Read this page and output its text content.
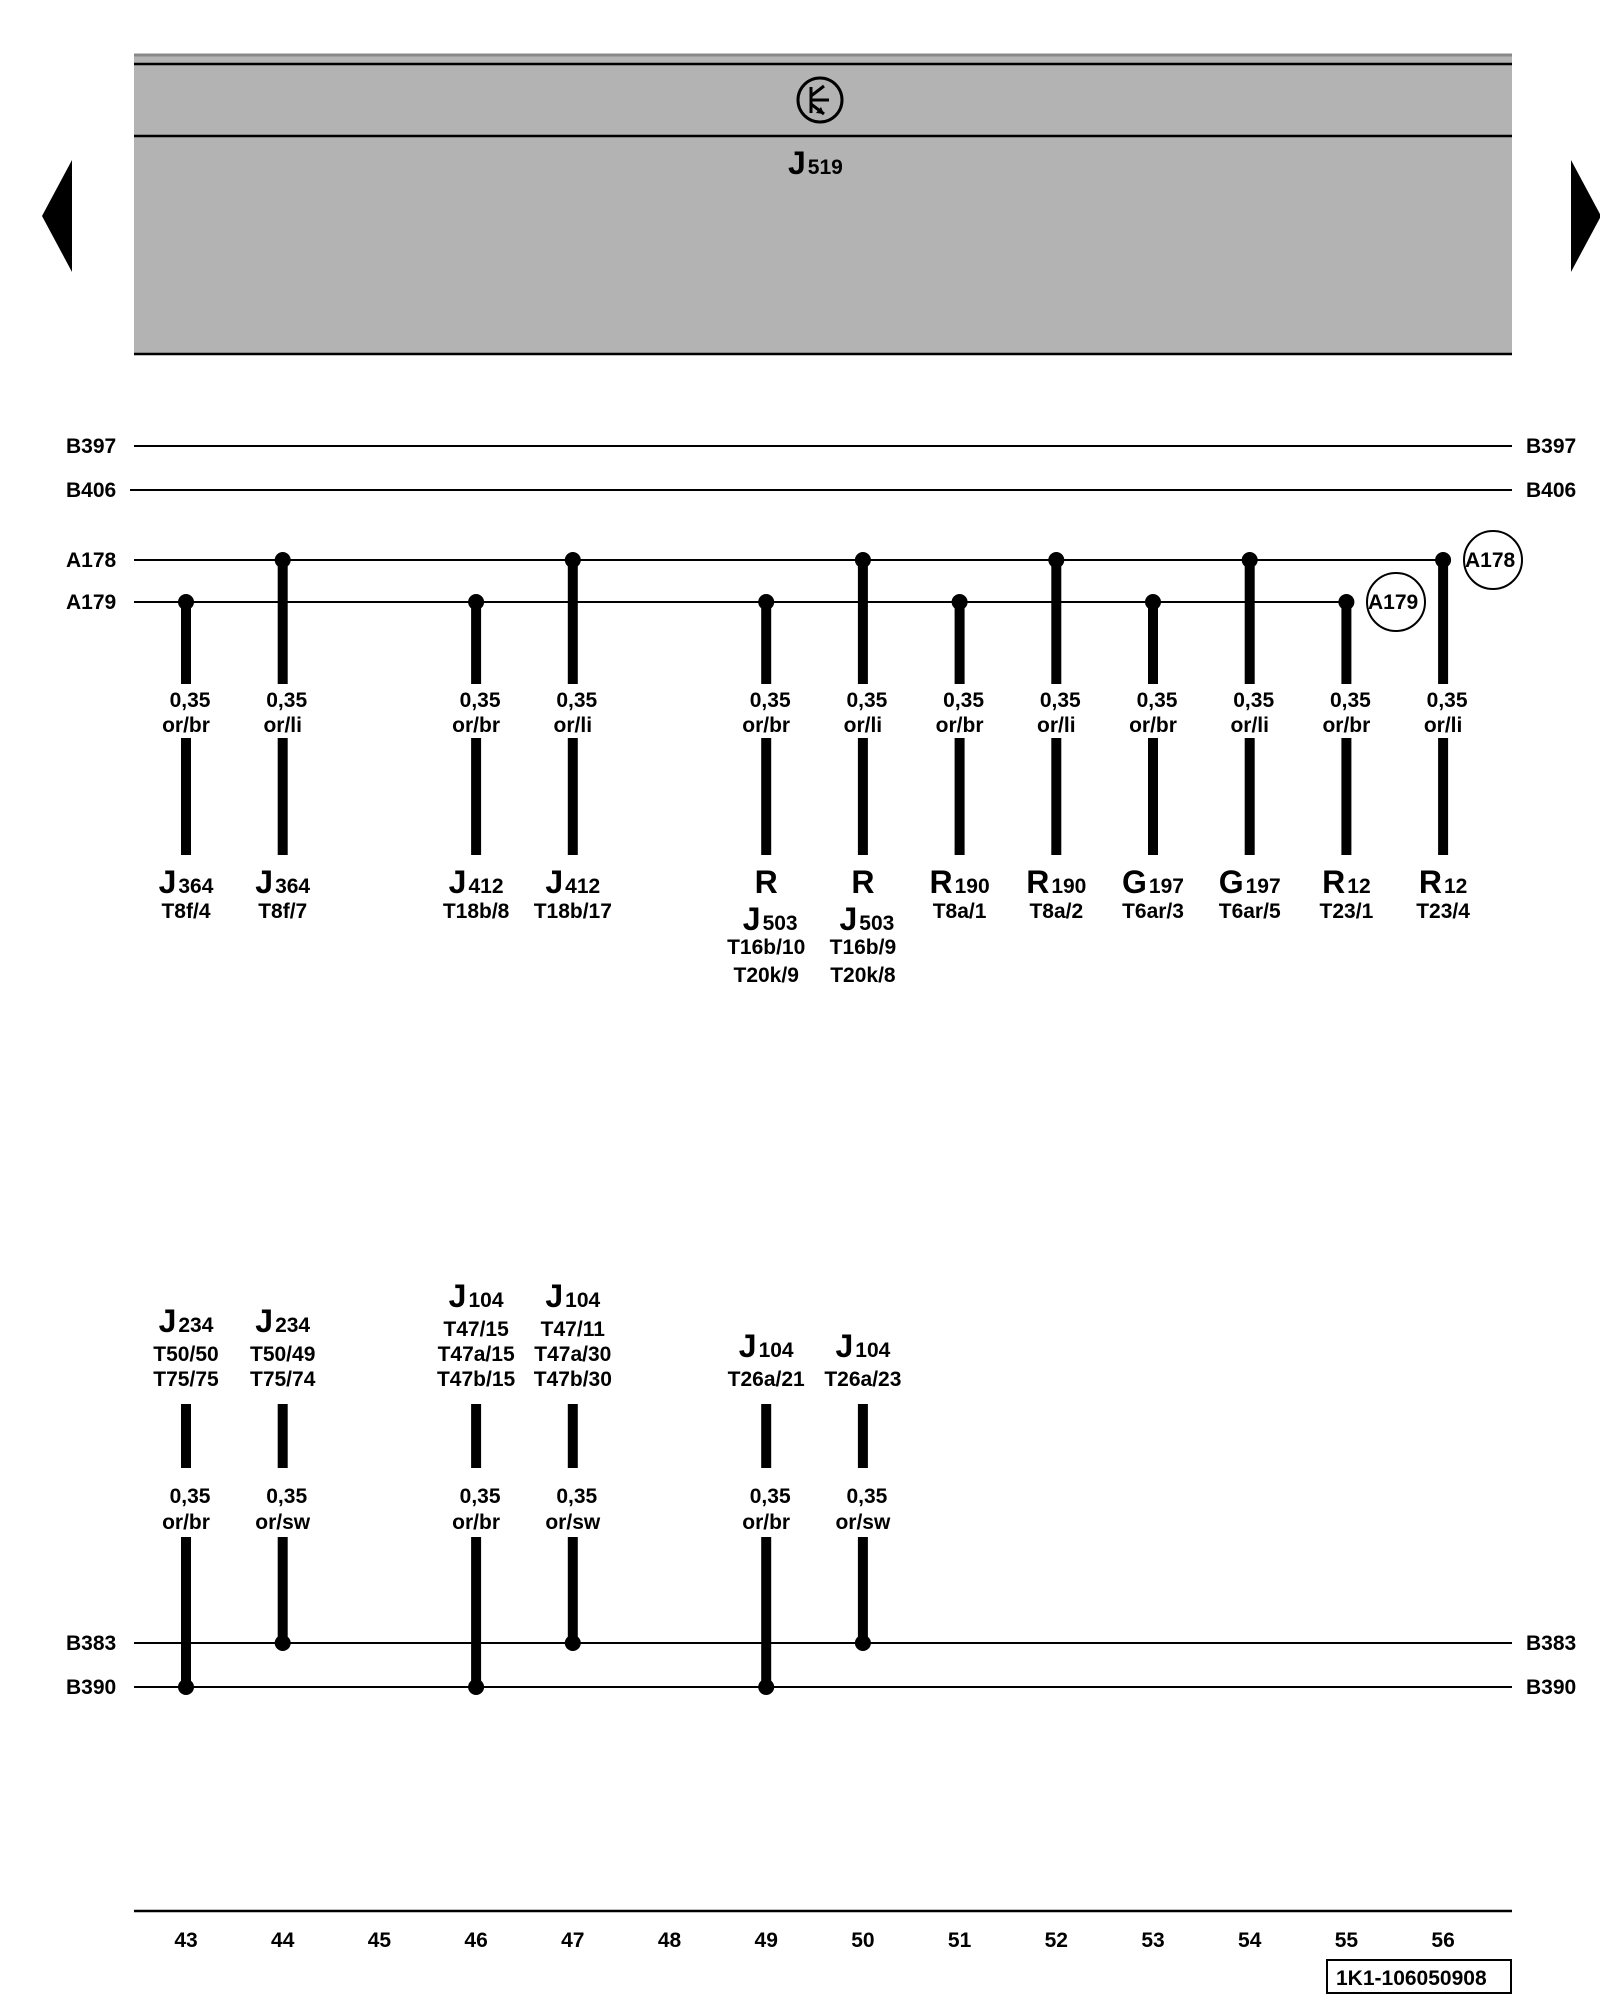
J519
B397	B397
B406	B406
A178
A179
B383	B383
B390	B390
A178
A179
0,35
or/br
J364
T8f/4
0,35
or/li
J364
T8f/7
0,35
or/br
J412
T18b/8
0,35
or/li
J412
T18b/17
0,35
or/br
R
J503
T16b/10
T20k/9
0,35
or/li
R
J503
T16b/9
T20k/8
0,35
or/br
R190
T8a/1
0,35
or/li
R190
T8a/2
0,35
or/br
G197
T6ar/3
0,35
or/li
G197
T6ar/5
0,35
or/br
R12
T23/1
0,35
or/li
R12
T23/4
0,35
or/br
J234
T50/50
T75/75
0,35
or/sw
J234
T50/49
T75/74
0,35
or/br
J104
T47/15
T47a/15
T47b/15
0,35
or/sw
J104
T47/11
T47a/30
T47b/30
0,35
or/br
J104
T26a/21
0,35
or/sw
J104
T26a/23
43	44	45	46	47	48	49	50	51	52	53	54	55	56
1K1-106050908
